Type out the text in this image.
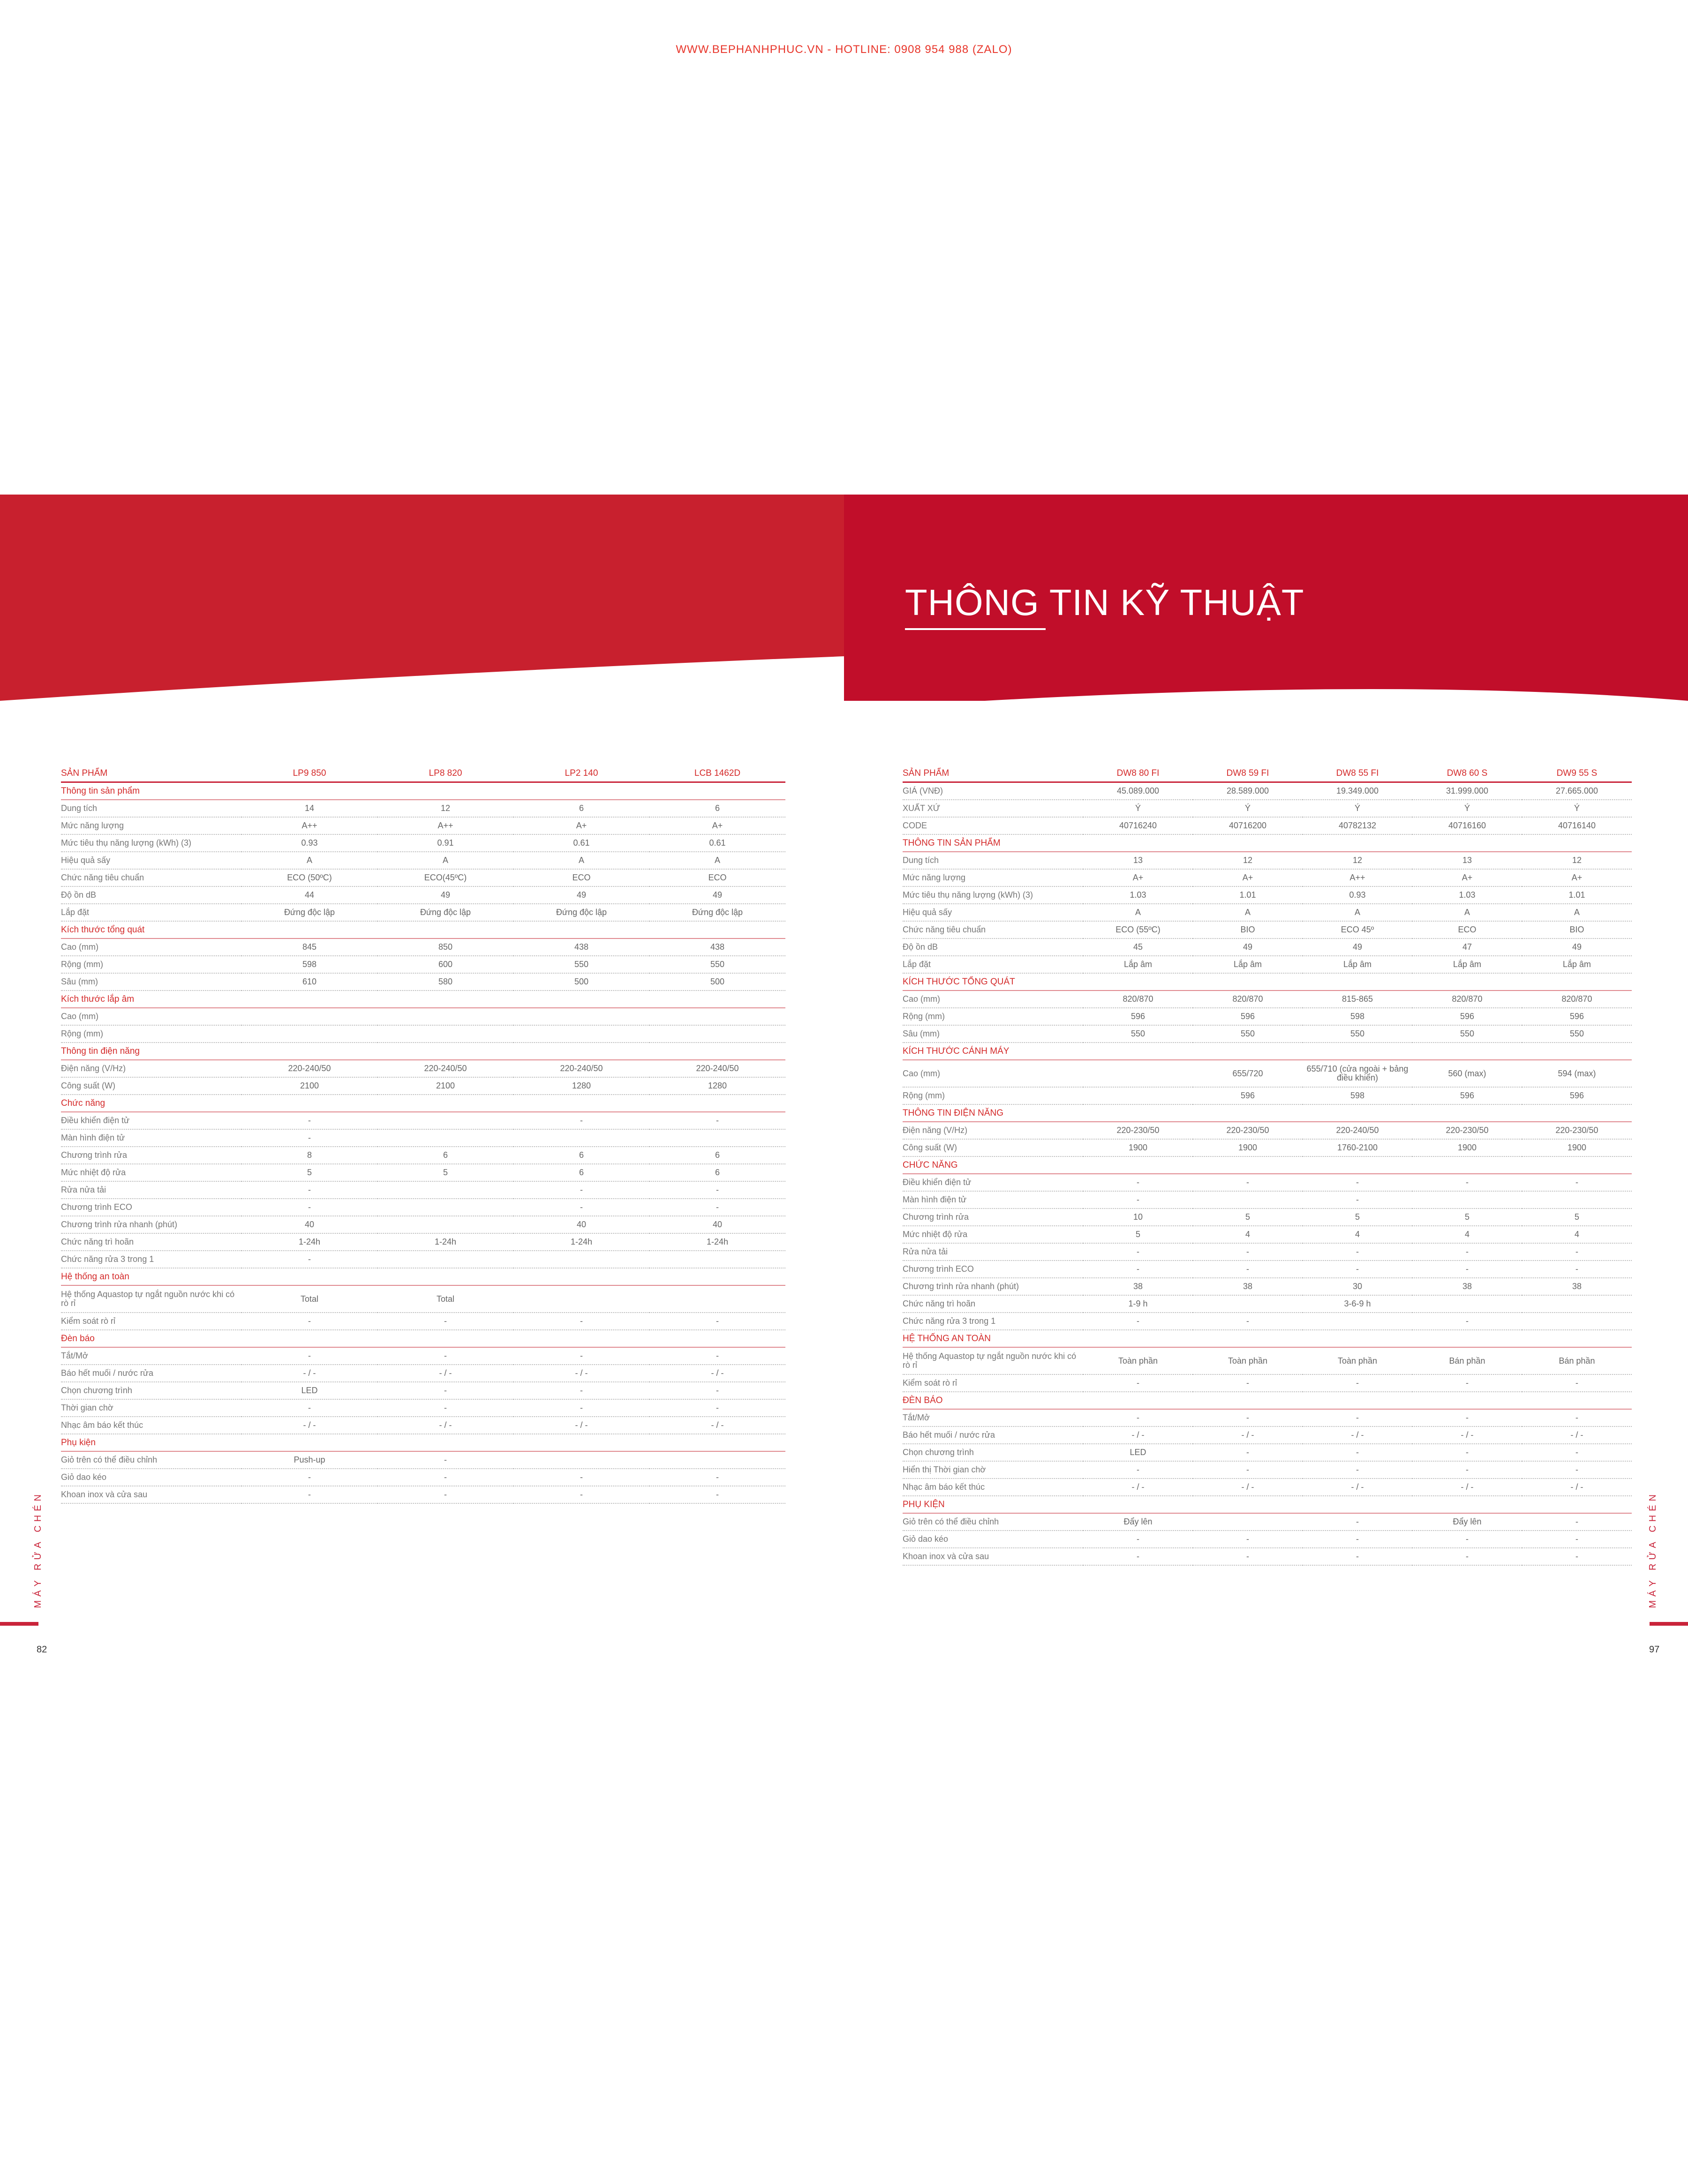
WWW.BEPHANHPHUC.VN - HOTLINE: 0908 954 988 (ZALO)
THÔNG TIN KỸ THUẬT
SẢN PHẨM	LP9 850	LP8 820	LP2 140	LCB 1462D
Thông tin sản phẩm				
Dung tích	14	12	6	6
Mức năng lượng	A++	A++	A+	A+
Mức tiêu thụ năng lượng (kWh) (3)	0.93	0.91	0.61	0.61
Hiệu quả sấy	A	A	A	A
Chức năng tiêu chuẩn	ECO (50ºC)	ECO(45ºC)	ECO	ECO
Độ ồn dB	44	49	49	49
Lắp đặt	Đứng độc lập	Đứng độc lập	Đứng độc lập	Đứng độc lập
Kích thước tổng quát				
Cao (mm)	845	850	438	438
Rộng (mm)	598	600	550	550
Sâu (mm)	610	580	500	500
Kích thước lắp âm				
Cao (mm)				
Rộng (mm)				
Thông tin điện năng				
Điện năng (V/Hz)	220-240/50	220-240/50	220-240/50	220-240/50
Công suất (W)	2100	2100	1280	1280
Chức năng				
Điều khiển điện tử	-		-	-
Màn hình điện tử	-			
Chương trình rửa	8	6	6	6
Mức nhiệt độ rửa	5	5	6	6
Rửa nửa tải	-		-	-
Chương trình ECO	-		-	-
Chương trình rửa nhanh (phút)	40		40	40
Chức năng trì hoãn	1-24h	1-24h	1-24h	1-24h
Chức năng rửa 3 trong 1	-			
Hệ thống an toàn				
Hệ thống Aquastop tự ngắt nguồn nước khi có rò rỉ	Total	Total		
Kiểm soát rò rỉ	-	-	-	-
Đèn báo				
Tắt/Mở	-	-	-	-
Báo hết muối / nước rửa	- / -	- / -	- / -	- / -
Chọn chương trình	LED	-	-	-
Thời gian chờ	-	-	-	-
Nhạc âm báo kết thúc	- / -	- / -	- / -	- / -
Phụ kiện				
Giỏ trên có thể điều chỉnh	Push-up	-		
Giỏ dao kéo	-	-	-	-
Khoan inox và cửa sau	-	-	-	-
SẢN PHẨM	DW8 80 FI	DW8 59 FI	DW8 55 FI	DW8 60 S	DW9 55 S
GIÁ (VNĐ)	45.089.000	28.589.000	19.349.000	31.999.000	27.665.000
XUẤT XỨ	Ý	Ý	Ý	Ý	Ý
CODE	40716240	40716200	40782132	40716160	40716140
THÔNG TIN SẢN PHẨM					
Dung tích	13	12	12	13	12
Mức năng lượng	A+	A+	A++	A+	A+
Mức tiêu thụ năng lượng (kWh) (3)	1.03	1.01	0.93	1.03	1.01
Hiệu quả sấy	A	A	A	A	A
Chức năng tiêu chuẩn	ECO (55ºC)	BIO	ECO 45º	ECO	BIO
Độ ồn dB	45	49	49	47	49
Lắp đặt	Lắp âm	Lắp âm	Lắp âm	Lắp âm	Lắp âm
KÍCH THƯỚC TỔNG QUÁT					
Cao (mm)	820/870	820/870	815-865	820/870	820/870
Rộng (mm)	596	596	598	596	596
Sâu (mm)	550	550	550	550	550
KÍCH THƯỚC CÁNH MÁY					
Cao (mm)		655/720	655/710 (cửa ngoài + bảng điều khiển)	560 (max)	594 (max)
Rộng (mm)		596	598	596	596
THÔNG TIN ĐIỆN NĂNG					
Điện năng (V/Hz)	220-230/50	220-230/50	220-240/50	220-230/50	220-230/50
Công suất (W)	1900	1900	1760-2100	1900	1900
CHỨC NĂNG					
Điều khiển điện tử	-	-	-	-	-
Màn hình điện tử	-		-		
Chương trình rửa	10	5	5	5	5
Mức nhiệt độ rửa	5	4	4	4	4
Rửa nửa tải	-	-	-	-	-
Chương trình ECO	-	-	-	-	-
Chương trình rửa nhanh (phút)	38	38	30	38	38
Chức năng trì hoãn	1-9 h		3-6-9 h		
Chức năng rửa 3 trong 1	-	-		-	
HỆ THỐNG AN TOÀN					
Hệ thống Aquastop tự ngắt nguồn nước khi có rò rỉ	Toàn phần	Toàn phần	Toàn phần	Bán phần	Bán phần
Kiểm soát rò rỉ	-	-	-	-	-
ĐÈN BÁO					
Tắt/Mở	-	-	-	-	-
Báo hết muối / nước rửa	- / -	- / -	- / -	- / -	- / -
Chọn chương trình	LED	-	-	-	-
Hiển thị Thời gian chờ	-	-	-	-	-
Nhạc âm báo kết thúc	- / -	- / -	- / -	- / -	- / -
PHỤ KIỆN					
Giỏ trên có thể điều chỉnh	Đẩy lên		-	Đẩy lên	-
Giỏ dao kéo	-	-	-	-	-
Khoan inox và cửa sau	-	-	-	-	-
MÁY RỬA CHÉN
82
MÁY RỬA CHÉN
97
